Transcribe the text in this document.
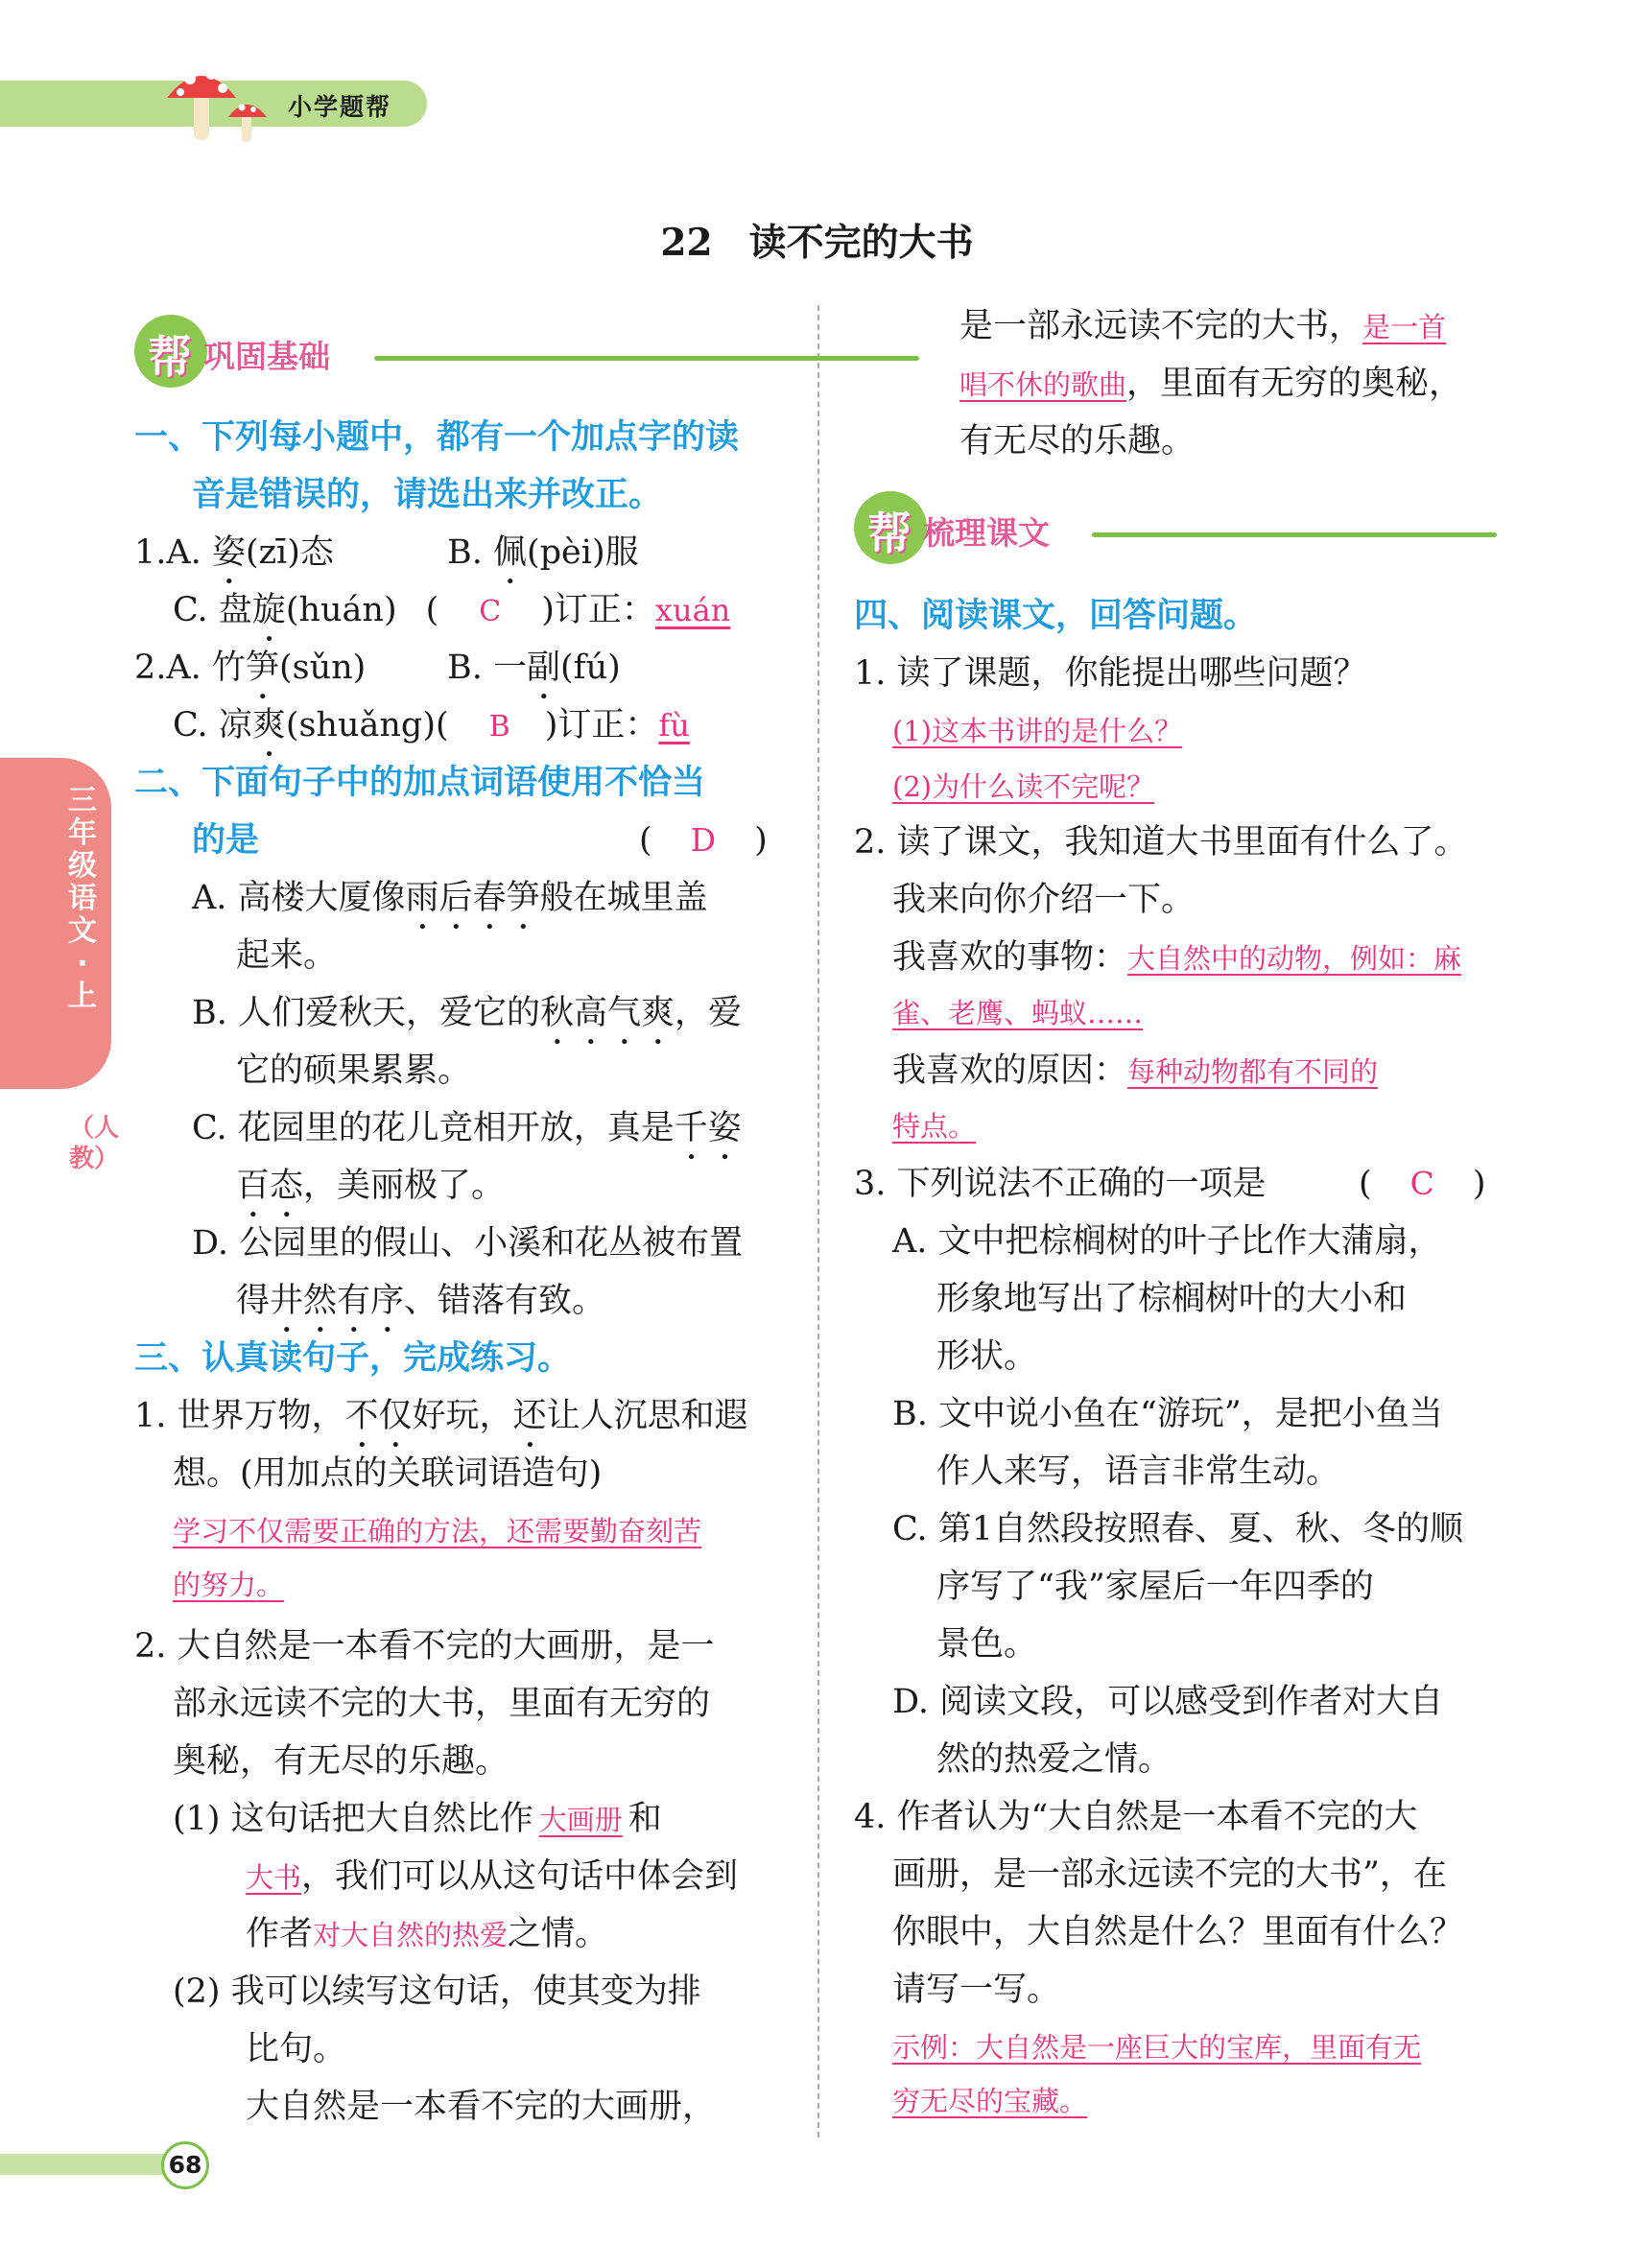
小学题帮
22 读不完的大书
三年级语文·上
（人教）
帮 巩固基础
一、下列每小题中，都有一个加点字的读
音是错误的，请选出来并改正。
1.A. 姿(zī)态	B. 佩(pèi)服
C. 盘旋(huán) ( C )订正：xuán
2.A. 竹笋(sǔn) B. 一副(fú)
C. 凉爽(shuǎng)( B )订正：fù
二、下面句子中的加点词语使用不恰当
的是	( D )
A. 高楼大厦像雨后春笋般在城里盖
起来。
B. 人们爱秋天，爱它的秋高气爽，爱
它的硕果累累。
C. 花园里的花儿竞相开放，真是千姿
百态，美丽极了。
D. 公园里的假山、小溪和花丛被布置
得井然有序、错落有致。
三、认真读句子，完成练习。
1. 世界万物，不仅好玩，还让人沉思和遐
想。(用加点的关联词语造句)
学习不仅需要正确的方法，还需要勤奋刻苦
的努力。
2. 大自然是一本看不完的大画册，是一
部永远读不完的大书，里面有无穷的
奥秘，有无尽的乐趣。
(1) 这句话把大自然比作 大画册 和
大书，我们可以从这句话中体会到
作者对大自然的热爱之情。
(2) 我可以续写这句话，使其变为排
比句。
大自然是一本看不完的大画册，
是一部永远读不完的大书，是一首
唱不休的歌曲，里面有无穷的奥秘，
有无尽的乐趣。
帮 梳理课文
四、阅读课文，回答问题。
1. 读了课题，你能提出哪些问题？
(1)这本书讲的是什么？
(2)为什么读不完呢？
2. 读了课文，我知道大书里面有什么了。
我来向你介绍一下。
我喜欢的事物：大自然中的动物，例如：麻
雀、老鹰、蚂蚁……
我喜欢的原因：每种动物都有不同的
特点。
3. 下列说法不正确的一项是	( C )
A. 文中把棕榈树的叶子比作大蒲扇，
形象地写出了棕榈树叶的大小和
形状。
B. 文中说小鱼在“游玩”，是把小鱼当
作人来写，语言非常生动。
C. 第1自然段按照春、夏、秋、冬的顺
序写了“我”家屋后一年四季的
景色。
D. 阅读文段，可以感受到作者对大自
然的热爱之情。
4. 作者认为“大自然是一本看不完的大
画册，是一部永远读不完的大书”，在
你眼中，大自然是什么？里面有什么？
请写一写。
示例：大自然是一座巨大的宝库，里面有无
穷无尽的宝藏。
68
